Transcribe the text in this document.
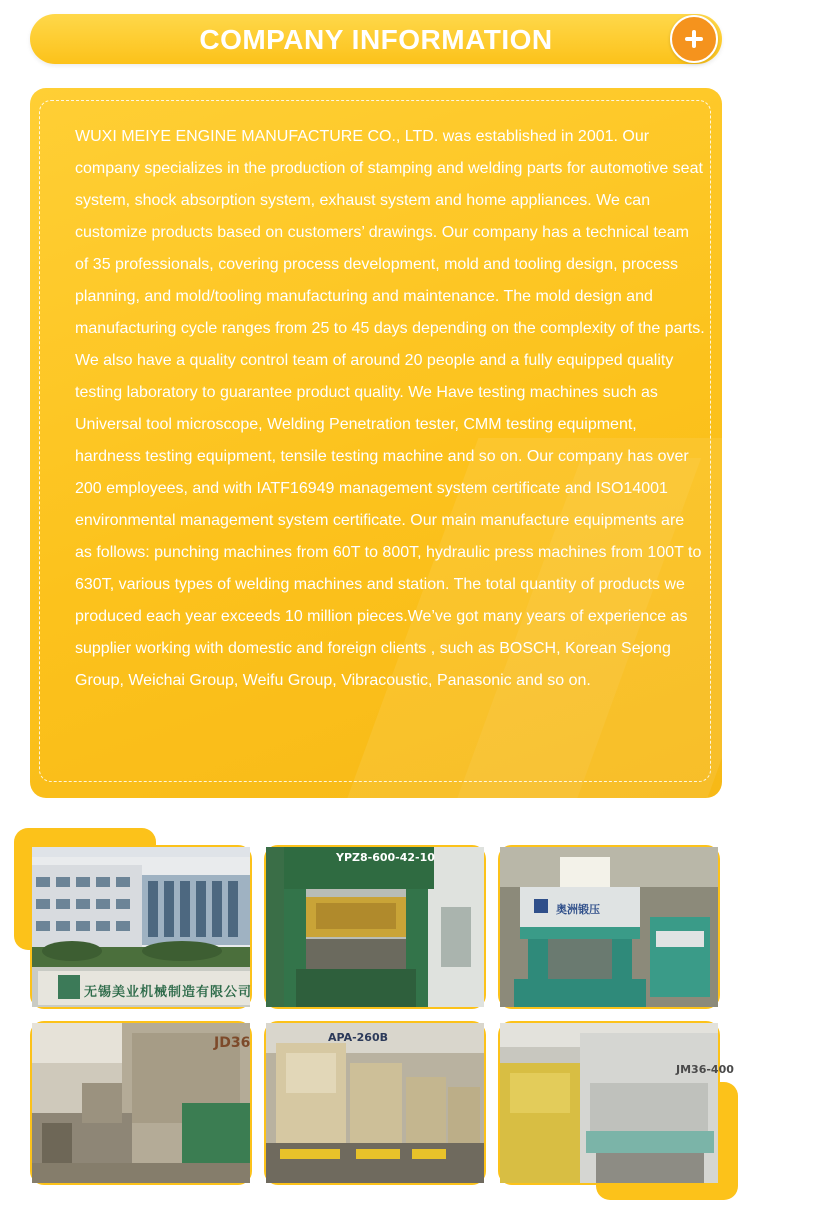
COMPANY INFORMATION
WUXI MEIYE ENGINE MANUFACTURE CO., LTD. was established in 2001. Our company specializes in the production of stamping and welding parts for automotive seat system, shock absorption system, exhaust system and home appliances. We can customize products based on customers’ drawings. Our company has a technical team of 35 professionals, covering process development, mold and tooling design, process planning, and mold/tooling manufacturing and maintenance. The mold design and manufacturing cycle ranges from 25 to 45 days depending on the complexity of the parts. We also have a quality control team of around 20 people and a fully equipped quality testing laboratory to guarantee product quality. We Have testing machines such as Universal tool microscope, Welding Penetration tester, CMM testing equipment, hardness testing equipment, tensile testing machine and so on. Our company has over 200 employees, and with IATF16949 management system certificate and ISO14001 environmental management system certificate. Our main manufacture equipments are as follows: punching machines from 60T to 800T, hydraulic press machines from 100T to 630T, various types of welding machines and station. The total quantity of products we produced each year exceeds 10 million pieces.We’ve got many years of experience as supplier working with domestic and foreign clients , such as BOSCH, Korean Sejong Group, Weichai Group, Weifu Group, Vibracoustic, Panasonic and so on.
无锡美业机械制造有限公司
YPZ8-600-42-10
奥洲锻压
JD36	APA-260B
JM36-400
